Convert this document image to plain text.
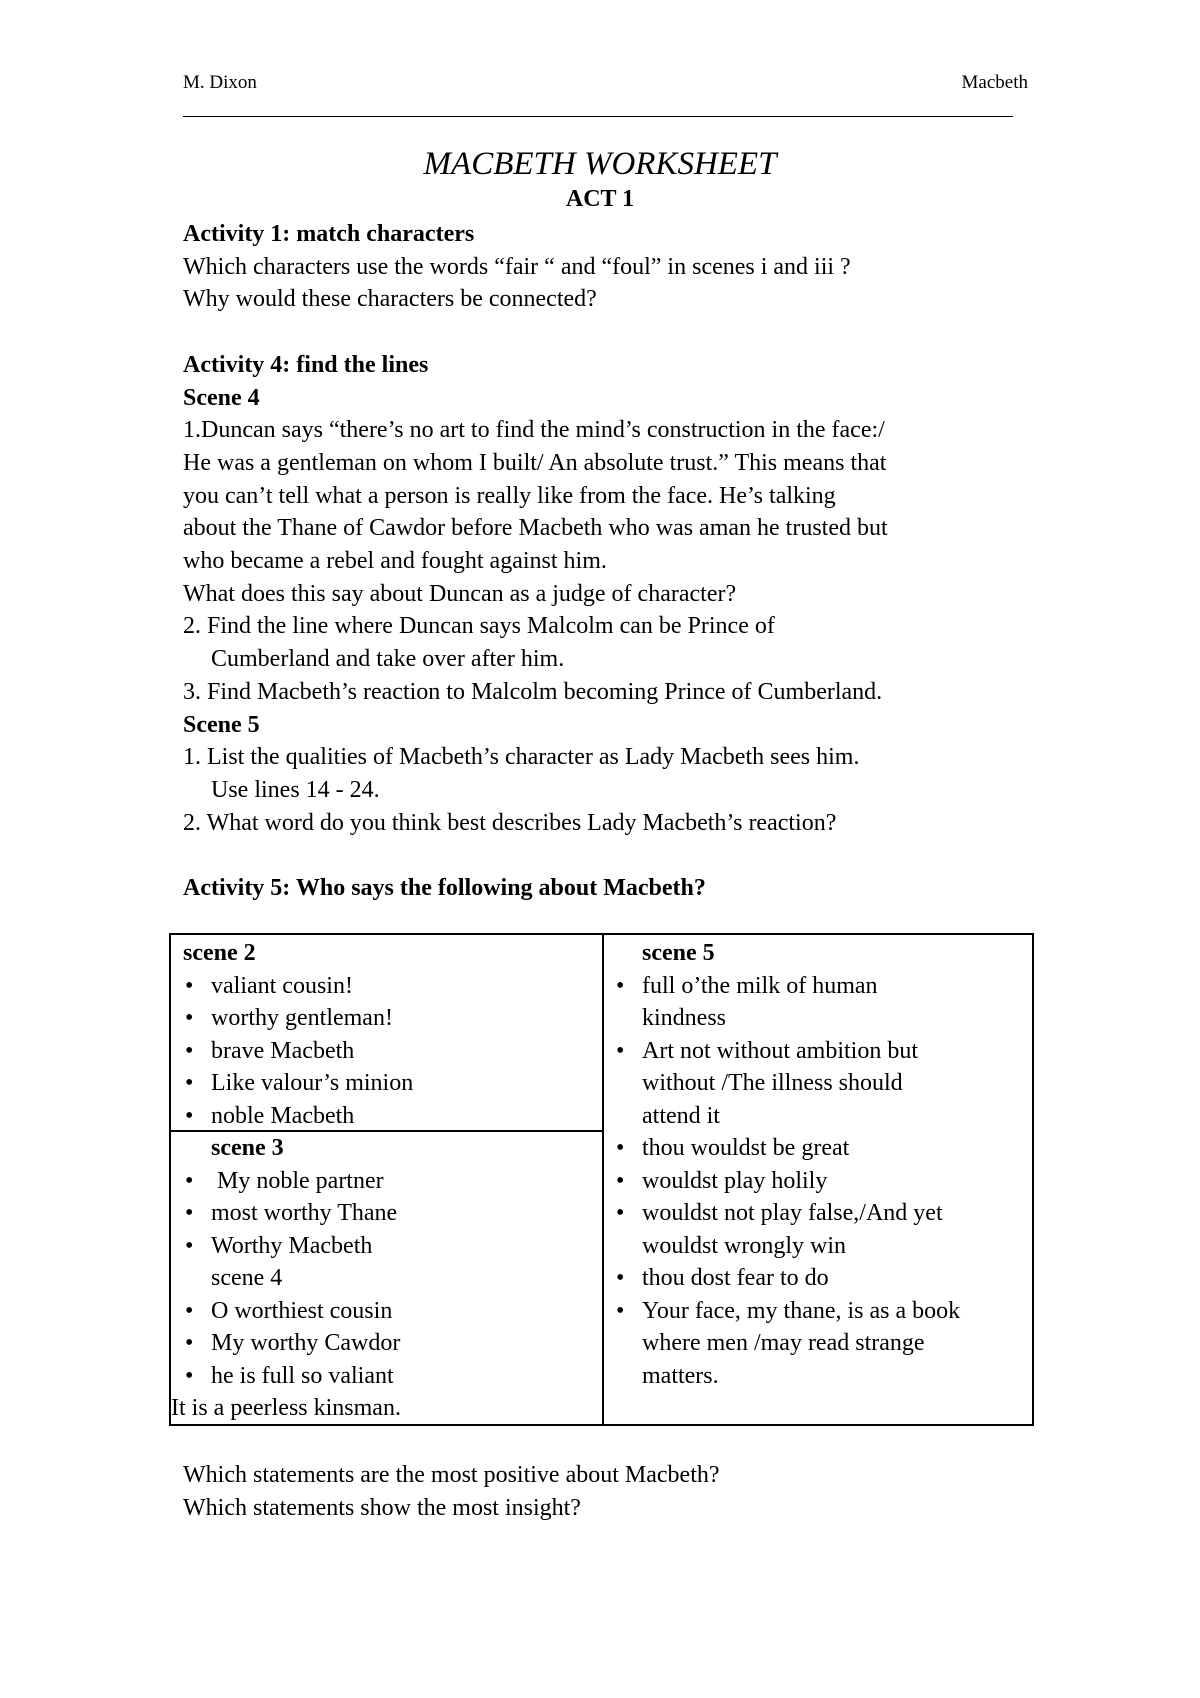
M. Dixon	Macbeth
MACBETH WORKSHEET
ACT 1
Activity 1: match characters
Which characters use the words “fair “ and “foul” in scenes i and iii ?
Why would these characters be connected?
Activity 4: find the lines
Scene 4
1.Duncan says “there’s no art to find the mind’s construction in the face:/
He was a gentleman on whom I built/ An absolute trust.” This means that
you can’t tell what a person is really like from the face. He’s talking
about the Thane of Cawdor before Macbeth who was aman he trusted but
who became a rebel and fought against him.
What does this say about Duncan as a judge of character?
2. Find the line where Duncan says Malcolm can be Prince of
Cumberland and take over after him.
3. Find Macbeth’s reaction to Malcolm becoming Prince of Cumberland.
Scene 5
1. List the qualities of Macbeth’s character as Lady Macbeth sees him.
Use lines 14 - 24.
2. What word do you think best describes Lady Macbeth’s reaction?
Activity 5: Who says the following about Macbeth?
scene 2
• valiant cousin!
• worthy gentleman!
• brave Macbeth
• Like valour’s minion
• noble Macbeth
scene 3
• My noble partner
• most worthy Thane
• Worthy Macbeth
scene 4
• O worthiest cousin
• My worthy Cawdor
• he is full so valiant
It is a peerless kinsman.
scene 5
• full o’the milk of human
kindness
• Art not without ambition but
without /The illness should
attend it
• thou wouldst be great
• wouldst play holily
• wouldst not play false,/And yet
wouldst wrongly win
• thou dost fear to do
• Your face, my thane, is as a book
where men /may read strange
matters.
Which statements are the most positive about Macbeth?
Which statements show the most insight?
